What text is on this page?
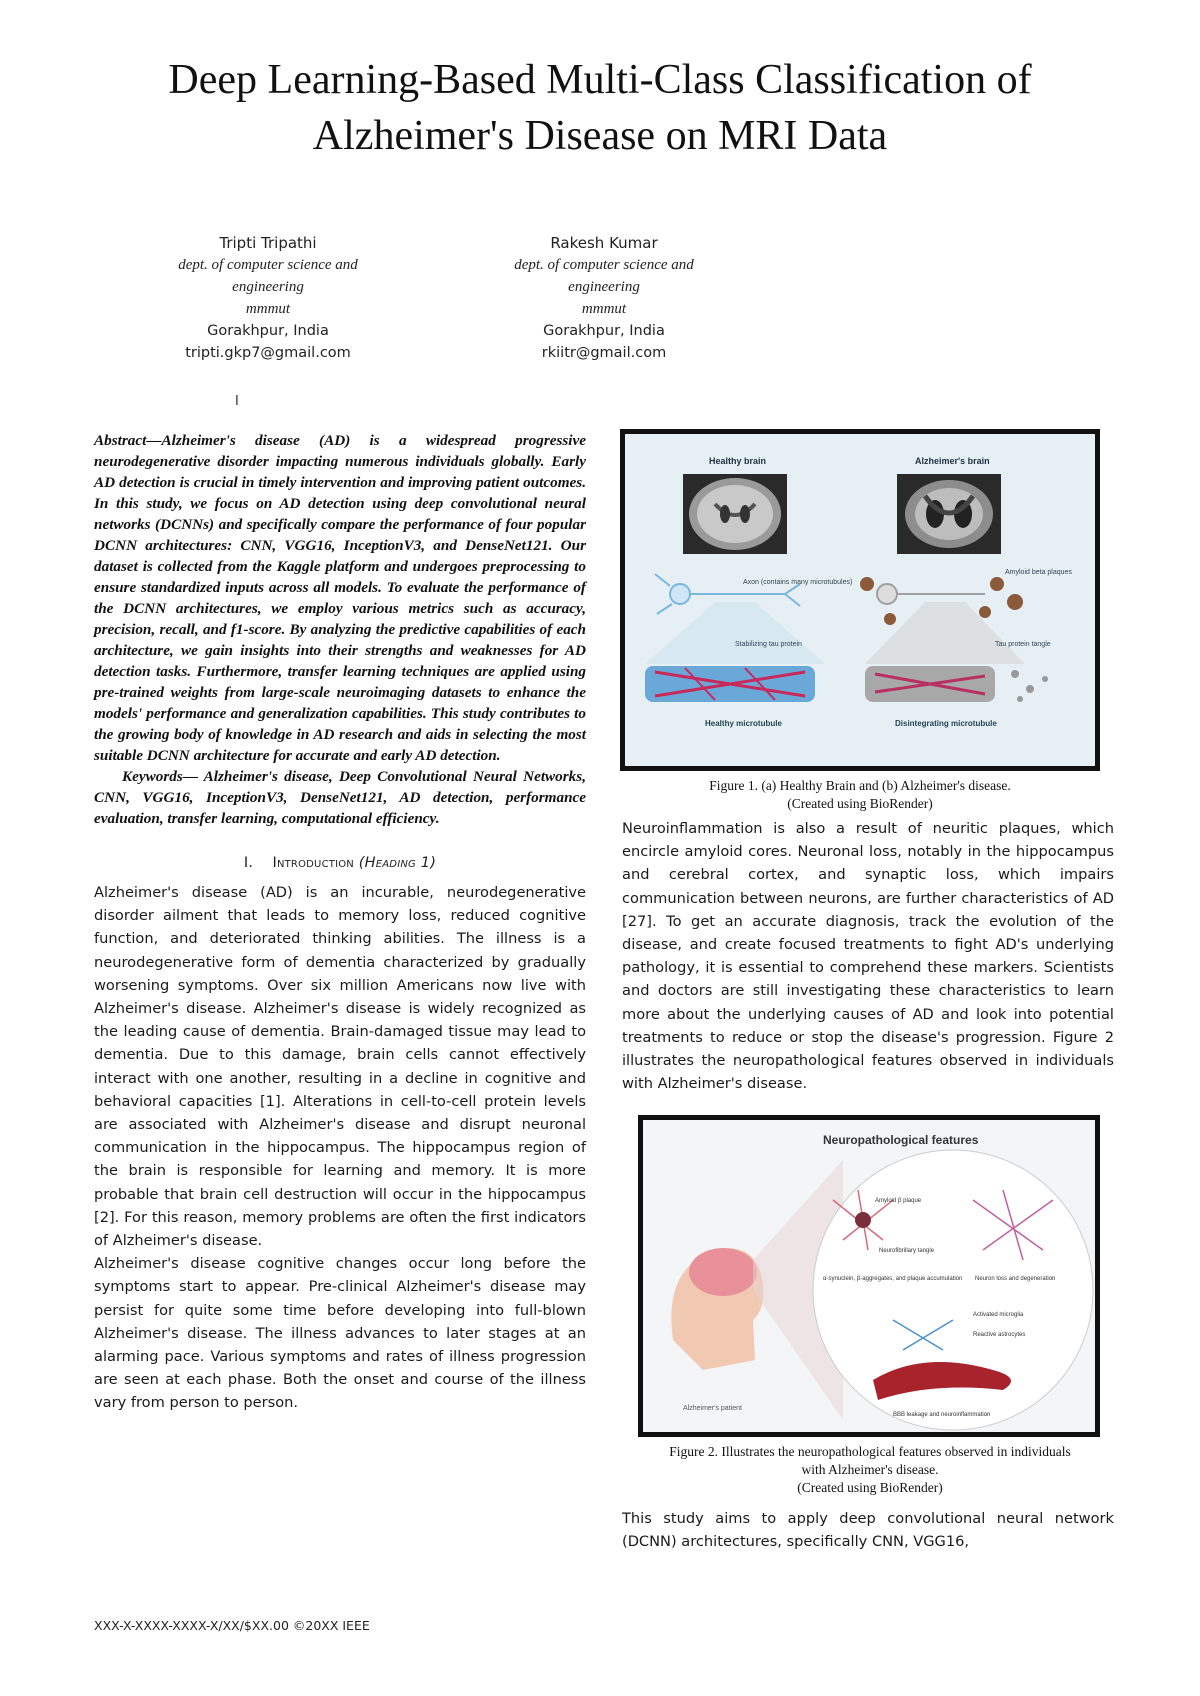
Deep Learning-Based Multi-Class Classification of
Alzheimer's Disease on MRI Data
Tripti Tripathi
dept. of computer science and
engineering
mmmut
Gorakhpur, India
tripti.gkp7@gmail.com
Rakesh Kumar
dept. of computer science and
engineering
mmmut
Gorakhpur, India
rkiitr@gmail.com
I

Abstract—Alzheimer's disease (AD) is a widespread progressive neurodegenerative disorder impacting numerous individuals globally. Early AD detection is crucial in timely intervention and improving patient outcomes. In this study, we focus on AD detection using deep convolutional neural networks (DCNNs) and specifically compare the performance of four popular DCNN architectures: CNN, VGG16, InceptionV3, and DenseNet121. Our dataset is collected from the Kaggle platform and undergoes preprocessing to ensure standardized inputs across all models. To evaluate the performance of the DCNN architectures, we employ various metrics such as accuracy, precision, recall, and f1-score. By analyzing the predictive capabilities of each architecture, we gain insights into their strengths and weaknesses for AD detection tasks. Furthermore, transfer learning techniques are applied using pre-trained weights from large-scale neuroimaging datasets to enhance the models' performance and generalization capabilities. This study contributes to the growing body of knowledge in AD research and aids in selecting the most suitable DCNN architecture for accurate and early AD detection.

Keywords— Alzheimer's disease, Deep Convolutional Neural Networks, CNN, VGG16, InceptionV3, DenseNet121, AD detection, performance evaluation, transfer learning, computational efficiency.

I. Introduction (Heading 1)

Alzheimer's disease (AD) is an incurable, neurodegenerative disorder ailment that leads to memory loss, reduced cognitive function, and deteriorated thinking abilities. The illness is a neurodegenerative form of dementia characterized by gradually worsening symptoms. Over six million Americans now live with Alzheimer's disease. Alzheimer's disease is widely recognized as the leading cause of dementia. Brain-damaged tissue may lead to dementia. Due to this damage, brain cells cannot effectively interact with one another, resulting in a decline in cognitive and behavioral capacities [1]. Alterations in cell-to-cell protein levels are associated with Alzheimer's disease and disrupt neuronal communication in the hippocampus. The hippocampus region of the brain is responsible for learning and memory. It is more probable that brain cell destruction will occur in the hippocampus [2]. For this reason, memory problems are often the first indicators of Alzheimer's disease.

Alzheimer's disease cognitive changes occur long before the symptoms start to appear. Pre-clinical Alzheimer's disease may persist for quite some time before developing into full-blown Alzheimer's disease. The illness advances to later stages at an alarming pace. Various symptoms and rates of illness progression are seen at each phase. Both the onset and course of the illness vary from person to person.

Healthy brain	Alzheimer's brain
Axon (contains many microtubules)
Stabilizing tau protein
Healthy microtubule
Amyloid beta plaques
Tau protein tangle
Disintegrating microtubule
Figure 1. (a) Healthy Brain and (b) Alzheimer's disease.
(Created using BioRender)

Neuroinflammation is also a result of neuritic plaques, which encircle amyloid cores. Neuronal loss, notably in the hippocampus and cerebral cortex, and synaptic loss, which impairs communication between neurons, are further characteristics of AD [27]. To get an accurate diagnosis, track the evolution of the disease, and create focused treatments to fight AD's underlying pathology, it is essential to comprehend these markers. Scientists and doctors are still investigating these characteristics to learn more about the underlying causes of AD and look into potential treatments to reduce or stop the disease's progression. Figure 2 illustrates the neuropathological features observed in individuals with Alzheimer's disease.

Neuropathological features
Alzheimer's patient
Amyloid β plaque
Neurofibrillary tangle
α-synuclein, β-aggregates, and plaque accumulation Neuron loss and degeneration
Activated microglia
Reactive astrocytes
BBB leakage and neuroinflammation
Figure 2. Illustrates the neuropathological features observed in individuals
with Alzheimer's disease.
(Created using BioRender)

This study aims to apply deep convolutional neural network (DCNN) architectures, specifically CNN, VGG16,

XXX-X-XXXX-XXXX-X/XX/$XX.00 ©20XX IEEE
